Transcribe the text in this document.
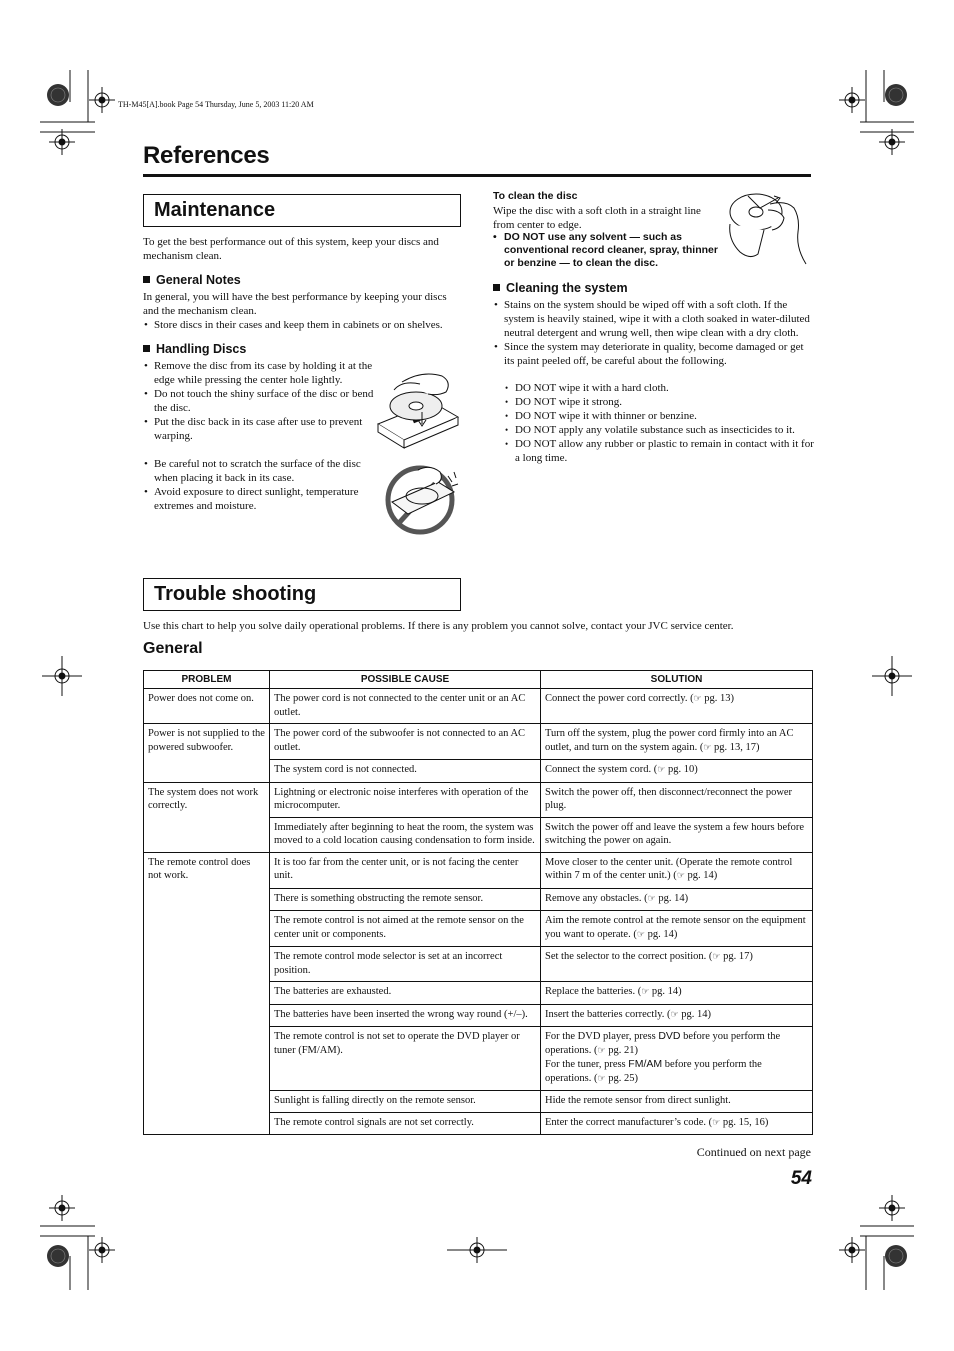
TH-M45[A].book Page 54 Thursday, June 5, 2003 11:20 AM
References
Maintenance
To get the best performance out of this system, keep your discs and mechanism clean.
General Notes
In general, you will have the best performance by keeping your discs and the mechanism clean.
• Store discs in their cases and keep them in cabinets or on shelves.
Handling Discs
• Remove the disc from its case by holding it at the edge while pressing the center hole lightly.
• Do not touch the shiny surface of the disc or bend the disc.
• Put the disc back in its case after use to prevent warping.
• Be careful not to scratch the surface of the disc when placing it back in its case.
• Avoid exposure to direct sunlight, temperature extremes and moisture.
To clean the disc
Wipe the disc with a soft cloth in a straight line from center to edge.
• DO NOT use any solvent — such as conventional record cleaner, spray, thinner or benzine — to clean the disc.
Cleaning the system
• Stains on the system should be wiped off with a soft cloth. If the system is heavily stained, wipe it with a cloth soaked in water-diluted neutral detergent and wrung well, then wipe clean with a dry cloth.
• Since the system may deteriorate in quality, become damaged or get its paint peeled off, be careful about the following.
• DO NOT wipe it with a hard cloth.
• DO NOT wipe it strong.
• DO NOT wipe it with thinner or benzine.
• DO NOT apply any volatile substance such as insecticides to it.
• DO NOT allow any rubber or plastic to remain in contact with it for a long time.
Trouble shooting
Use this chart to help you solve daily operational problems. If there is any problem you cannot solve, contact your JVC service center.
General
PROBLEM	POSSIBLE CAUSE	SOLUTION
Power does not come on.	The power cord is not connected to the center unit or an AC outlet.	Connect the power cord correctly. (☞ pg. 13)
Power is not supplied to the powered subwoofer.	The power cord of the subwoofer is not connected to an AC outlet.	Turn off the system, plug the power cord firmly into an AC outlet, and turn on the system again. (☞ pg. 13, 17)
	The system cord is not connected.	Connect the system cord. (☞ pg. 10)
The system does not work correctly.	Lightning or electronic noise interferes with operation of the microcomputer.	Switch the power off, then disconnect/reconnect the power plug.
	Immediately after beginning to heat the room, the system was moved to a cold location causing condensation to form inside.	Switch the power off and leave the system a few hours before switching the power on again.
The remote control does not work.	It is too far from the center unit, or is not facing the center unit.	Move closer to the center unit. (Operate the remote control within 7 m of the center unit.) (☞ pg. 14)
	There is something obstructing the remote sensor.	Remove any obstacles. (☞ pg. 14)
	The remote control is not aimed at the remote sensor on the center unit or components.	Aim the remote control at the remote sensor on the equipment you want to operate. (☞ pg. 14)
	The remote control mode selector is set at an incorrect position.	Set the selector to the correct position. (☞ pg. 17)
	The batteries are exhausted.	Replace the batteries. (☞ pg. 14)
	The batteries have been inserted the wrong way round (+/–).	Insert the batteries correctly. (☞ pg. 14)
	The remote control is not set to operate the DVD player or tuner (FM/AM).	For the DVD player, press DVD before you perform the operations. (☞ pg. 21)
For the tuner, press FM/AM before you perform the operations. (☞ pg. 25)

	Sunlight is falling directly on the remote sensor.	Hide the remote sensor from direct sunlight.
	The remote control signals are not set correctly.	Enter the correct manufacturer’s code. (☞ pg. 15, 16)
Continued on next page
54
